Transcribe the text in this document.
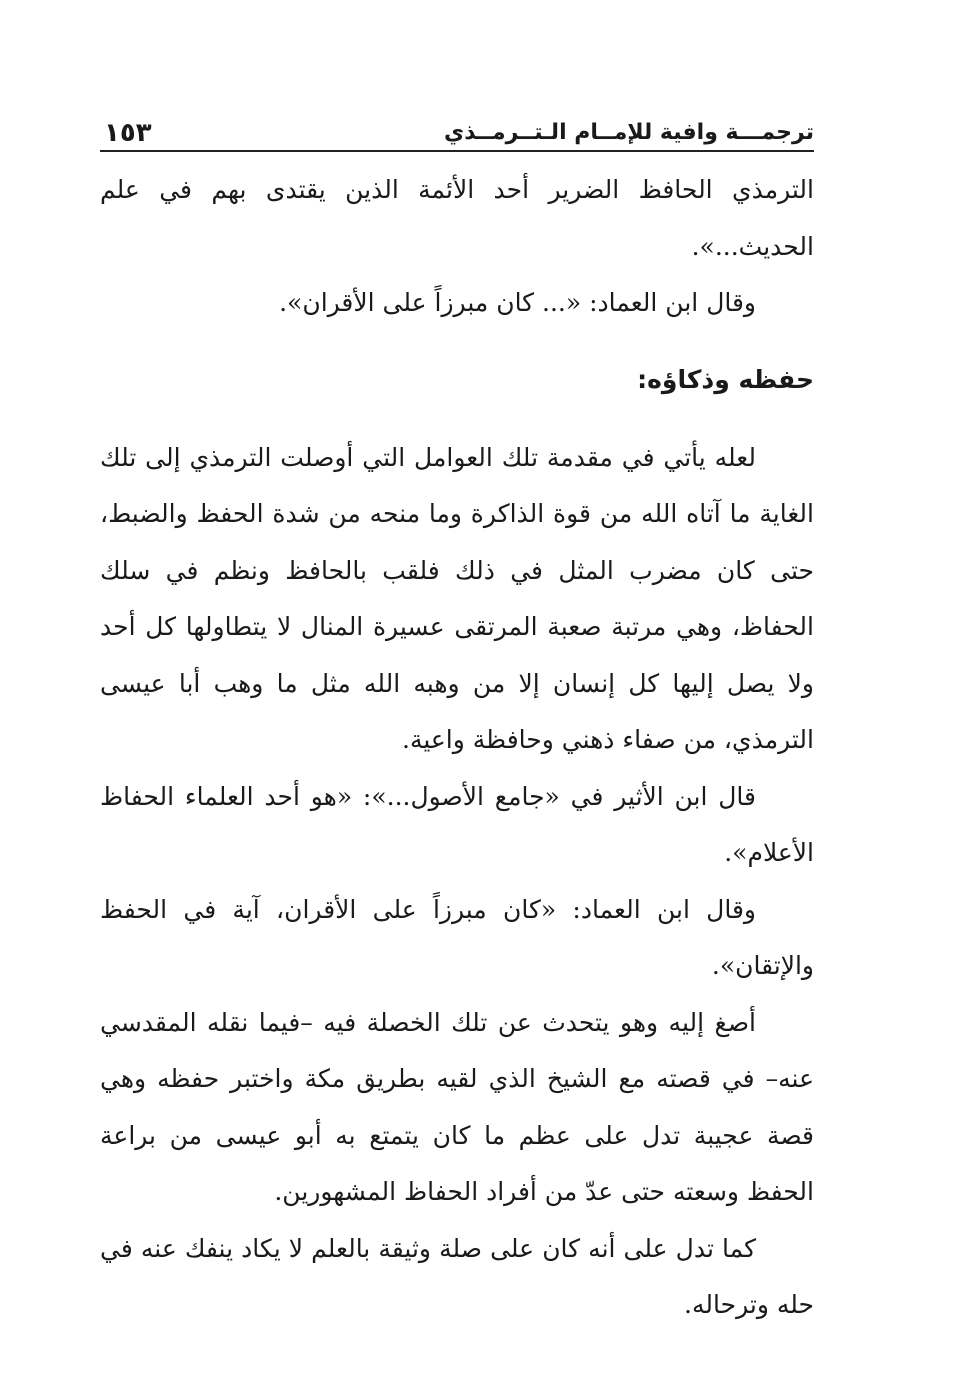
ترجمـــة وافية للإمــام الـتــرمــذي
١٥٣

الترمذي الحافظ الضرير أحد الأئمة الذين يقتدى بهم في علم الحديث...».

وقال ابن العماد: «... كان مبرزاً على الأقران».

حفظه وذكاؤه:

لعله يأتي في مقدمة تلك العوامل التي أوصلت الترمذي إلى تلك الغاية ما آتاه الله من قوة الذاكرة وما منحه من شدة الحفظ والضبط، حتى كان مضرب المثل في ذلك فلقب بالحافظ ونظم في سلك الحفاظ، وهي مرتبة صعبة المرتقى عسيرة المنال لا يتطاولها كل أحد ولا يصل إليها كل إنسان إلا من وهبه الله مثل ما وهب أبا عيسى الترمذي، من صفاء ذهني وحافظة واعية.

قال ابن الأثير في «جامع الأصول...»: «هو أحد العلماء الحفاظ الأعلام».

وقال ابن العماد: «كان مبرزاً على الأقران، آية في الحفظ والإتقان».

أصغ إليه وهو يتحدث عن تلك الخصلة فيه –فيما نقله المقدسي عنه– في قصته مع الشيخ الذي لقيه بطريق مكة واختبر حفظه وهي قصة عجيبة تدل على عظم ما كان يتمتع به أبو عيسى من براعة الحفظ وسعته حتى عدّ من أفراد الحفاظ المشهورين.

كما تدل على أنه كان على صلة وثيقة بالعلم لا يكاد ينفك عنه في حله وترحاله.
